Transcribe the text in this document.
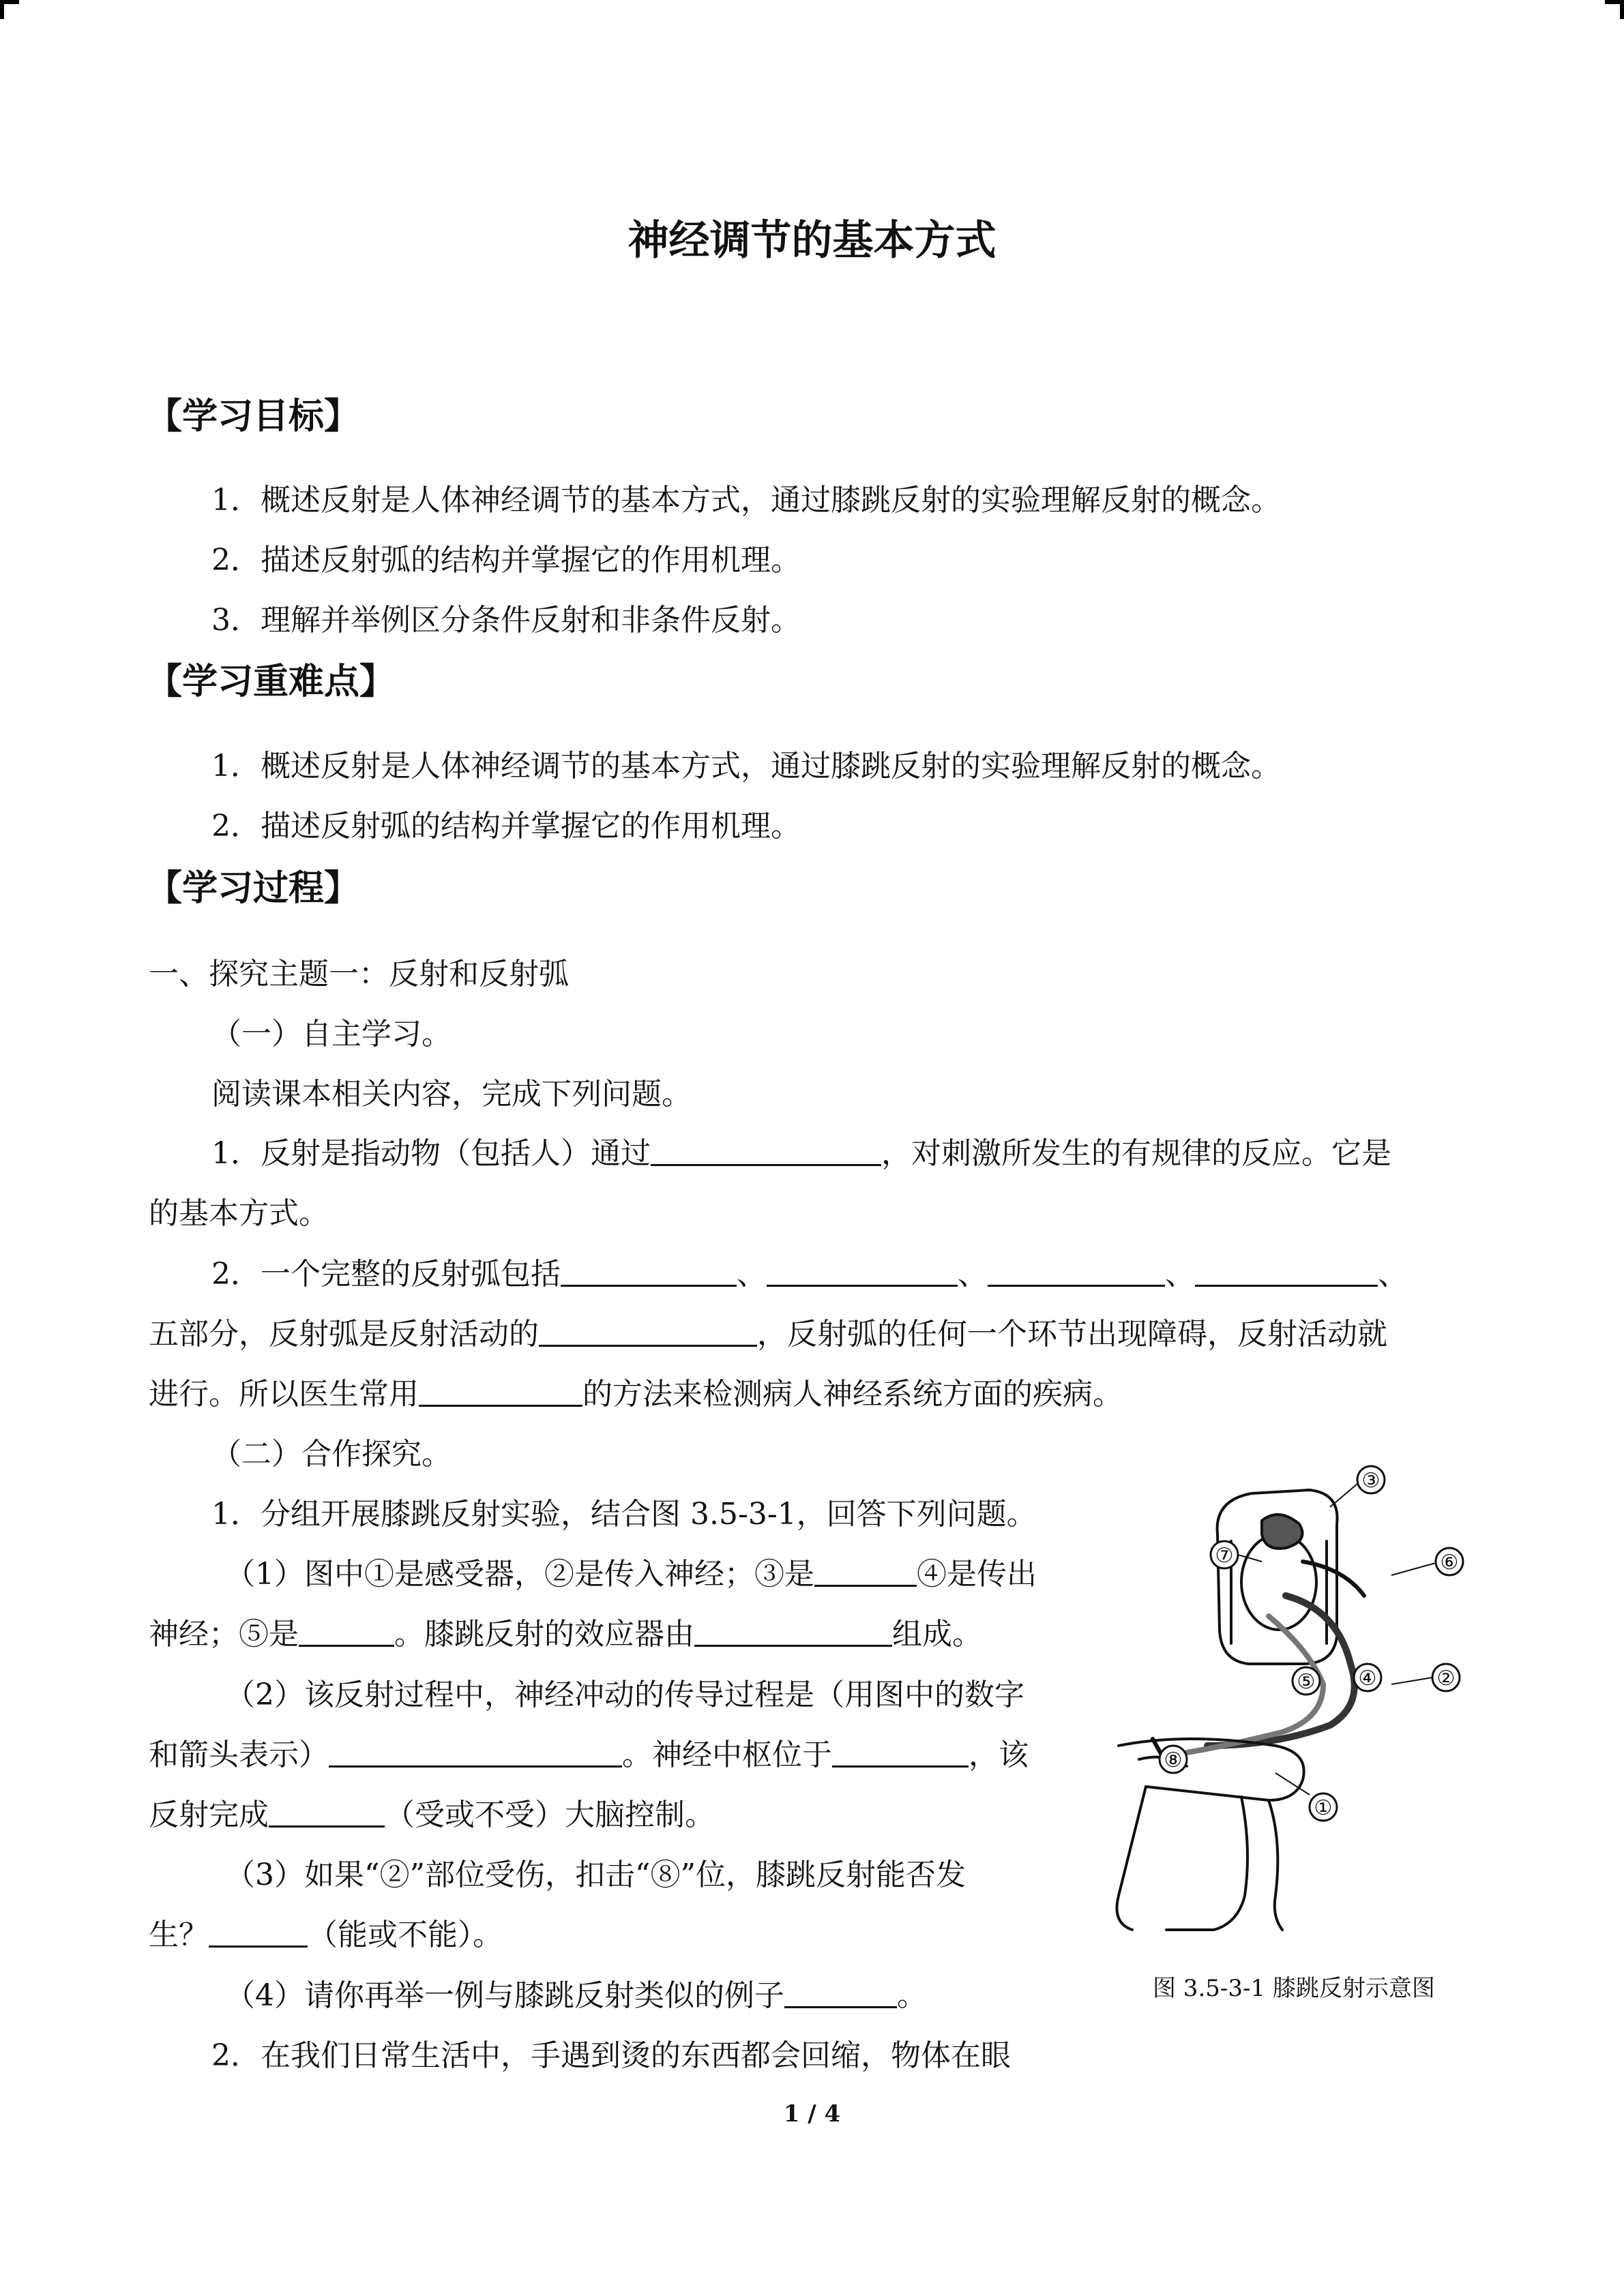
神经调节的基本方式
【学习目标】
1．概述反射是人体神经调节的基本方式，通过膝跳反射的实验理解反射的概念。
2．描述反射弧的结构并掌握它的作用机理。
3．理解并举例区分条件反射和非条件反射。
【学习重难点】
1．概述反射是人体神经调节的基本方式，通过膝跳反射的实验理解反射的概念。
2．描述反射弧的结构并掌握它的作用机理。
【学习过程】
一、探究主题一：反射和反射弧
（一）自主学习。
阅读课本相关内容，完成下列问题。
1．反射是指动物（包括人）通过	，对刺激所发生的有规律的反应。它是
的基本方式。
2．一个完整的反射弧包括	、	、	、	、
五部分，反射弧是反射活动的	，反射弧的任何一个环节出现障碍，反射活动就
进行。所以医生常用	的方法来检测病人神经系统方面的疾病。
（二）合作探究。
1．分组开展膝跳反射实验，结合图 3.5-3-1，回答下列问题。
（1）图中①是感受器，②是传入神经；③是	④是传出
神经；⑤是	。膝跳反射的效应器由	组成。
（2）该反射过程中，神经冲动的传导过程是（用图中的数字
和箭头表示）	。神经中枢位于	，该
反射完成	（受或不受）大脑控制。
（3）如果“②”部位受伤，扣击“⑧”位，膝跳反射能否发
生？	（能或不能）。
（4）请你再举一例与膝跳反射类似的例子	。
2．在我们日常生活中，手遇到烫的东西都会回缩，物体在眼
③
⑦	⑥
⑤ ④	②
⑧
①
图 3.5-3-1 膝跳反射示意图
1 / 4
